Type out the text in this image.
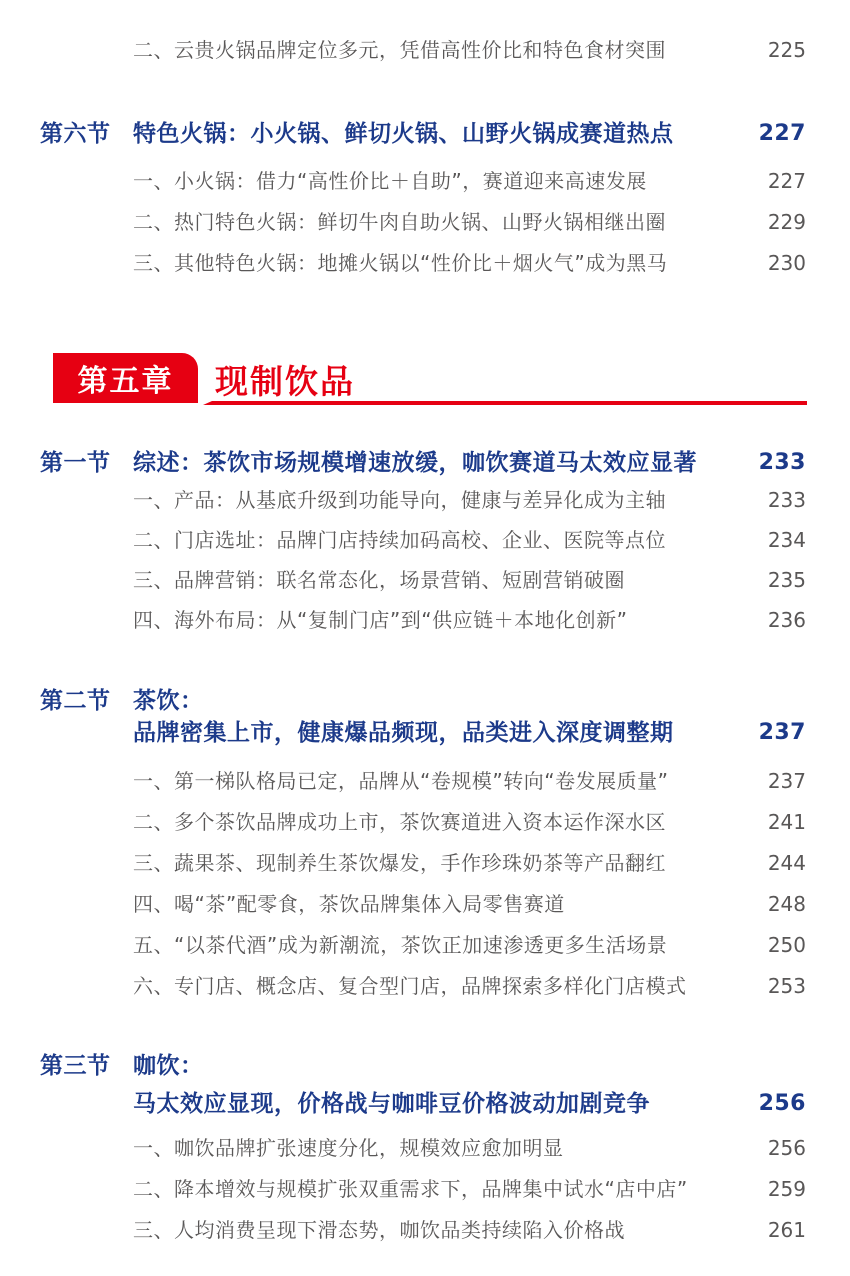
二、云贵火锅品牌定位多元，凭借高性价比和特色食材突围	225
第六节 特色火锅：小火锅、鲜切火锅、山野火锅成赛道热点	227
一、小火锅：借力“高性价比＋自助”，赛道迎来高速发展	227
二、热门特色火锅：鲜切牛肉自助火锅、山野火锅相继出圈	229
三、其他特色火锅：地摊火锅以“性价比＋烟火气”成为黑马	230
第五章 现制饮品
第一节 综述：茶饮市场规模增速放缓，咖饮赛道马太效应显著	233
一、产品：从基底升级到功能导向，健康与差异化成为主轴	233
二、门店选址：品牌门店持续加码高校、企业、医院等点位	234
三、品牌营销：联名常态化，场景营销、短剧营销破圈	235
四、海外布局：从“复制门店”到“供应链＋本地化创新”	236
第二节 茶饮：
品牌密集上市，健康爆品频现，品类进入深度调整期	237
一、第一梯队格局已定，品牌从“卷规模”转向“卷发展质量”	237
二、多个茶饮品牌成功上市，茶饮赛道进入资本运作深水区	241
三、蔬果茶、现制养生茶饮爆发，手作珍珠奶茶等产品翻红	244
四、喝“茶”配零食，茶饮品牌集体入局零售赛道	248
五、“以茶代酒”成为新潮流，茶饮正加速渗透更多生活场景	250
六、专门店、概念店、复合型门店，品牌探索多样化门店模式	253
第三节 咖饮：
马太效应显现，价格战与咖啡豆价格波动加剧竞争	256
一、咖饮品牌扩张速度分化，规模效应愈加明显	256
二、降本增效与规模扩张双重需求下，品牌集中试水“店中店”	259
三、人均消费呈现下滑态势，咖饮品类持续陷入价格战	261
